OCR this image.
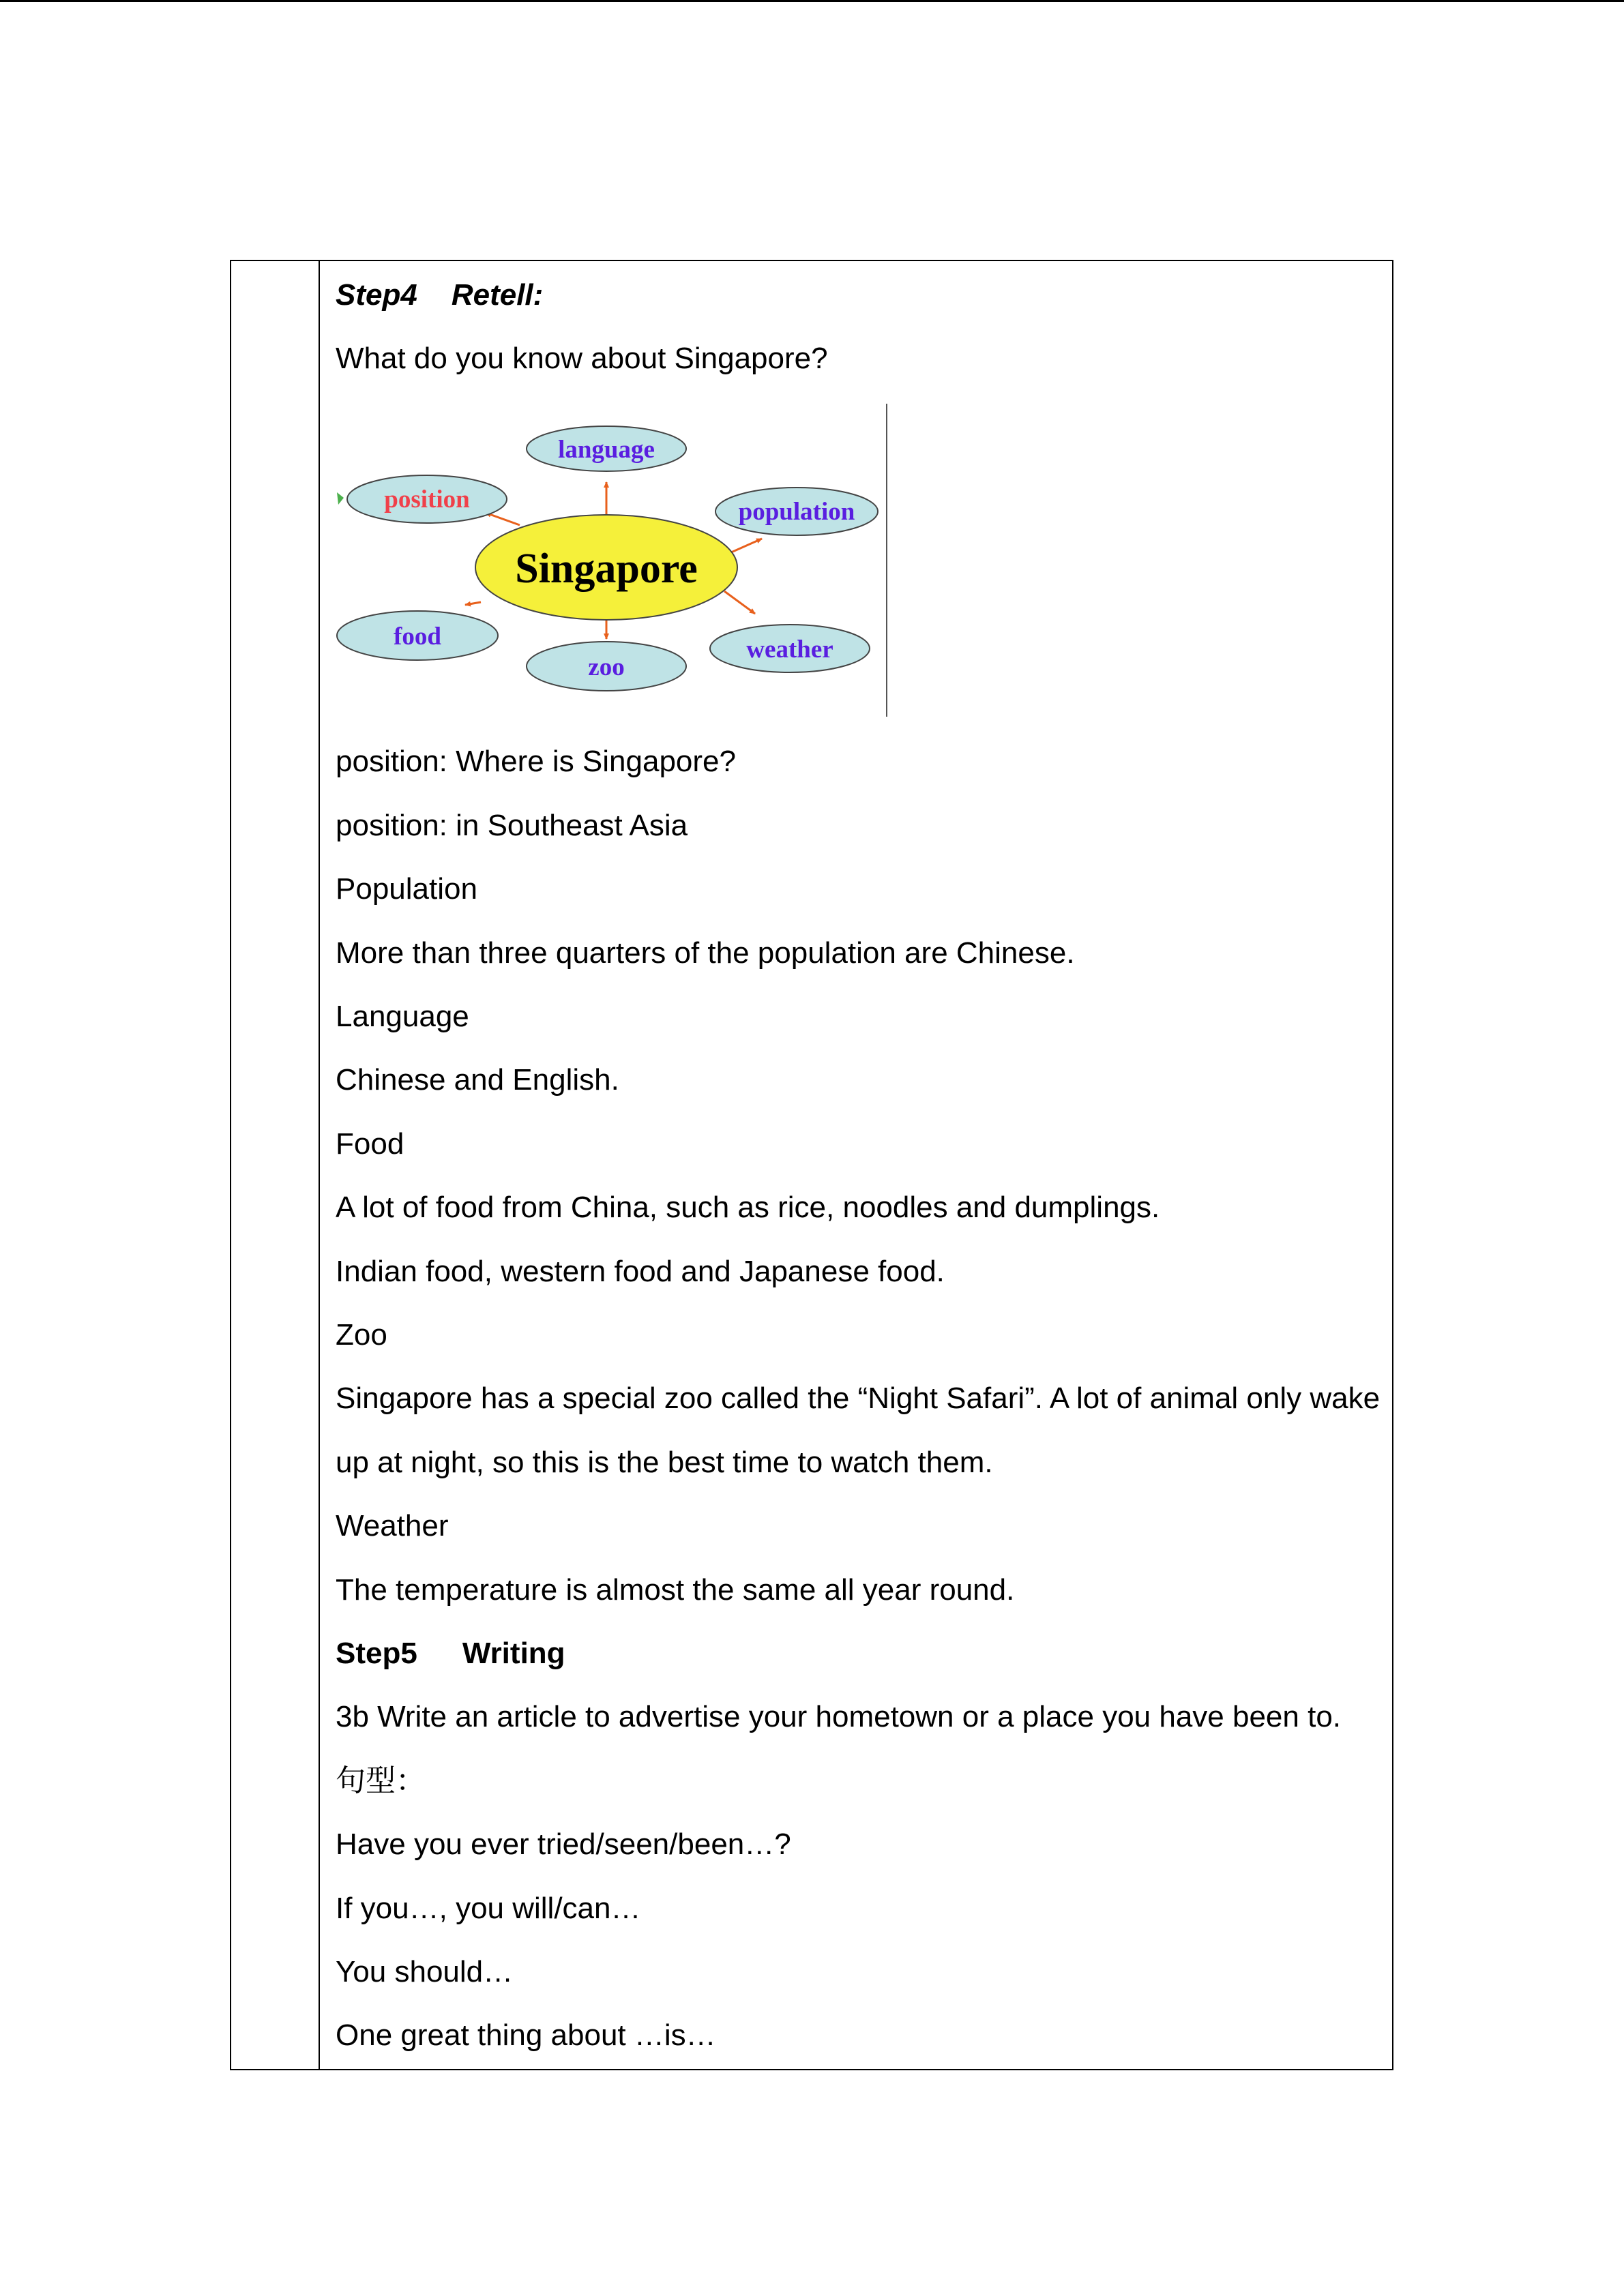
Step4 Retell:
What do you know about Singapore?
language
position	population
Singapore
food
zoo
weather
position: Where is Singapore?
position: in Southeast Asia
Population
More than three quarters of the population are Chinese.
Language
Chinese and English.
Food
A lot of food from China, such as rice, noodles and dumplings.
Indian food, western food and Japanese food.
Zoo
Singapore has a special zoo called the “Night Safari”. A lot of animal only wake
up at night, so this is the best time to watch them.
Weather
The temperature is almost the same all year round.
Step5 Writing
3b Write an article to advertise your hometown or a place you have been to.
句型：
Have you ever tried/seen/been…?
If you…, you will/can…
You should…
One great thing about …is…
